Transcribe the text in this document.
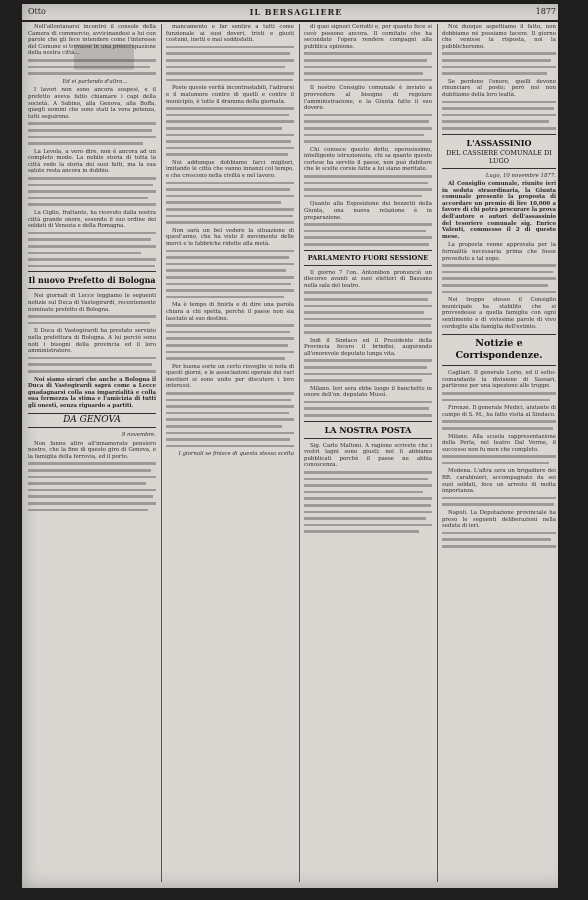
Otto	IL BERSAGLIERE	1877

Nell'allontanarsi incontrò il console della Camera di commercio, avvicinandosi a lui con parole che gli fece intendere come l'interesse del Comune si trovasse in una preoccupazione della nostra città...

Ed ei partendo d'altra...

I lavori non sono ancora sospesi, e il prefetto aveva fatto chiamare i capi della società. A Sabino, alla Genova, alla Boffa, quegli uomini che sono stati la vera potenza, tutti seguirono.

La Levola, a vero dire, non è ancora ad un completo modo. La nobile storia di tutta la città vede la storia dei suoi fatti, ma la sua salute resta ancora in dubbio.

La Ciglio, frattanto, ha ricevuto dalla nostra città grande onore, essendo il suo ordine dei soldati di Venezia e della Romagna.

Il nuovo Prefetto di Bologna

Nei giornali di Lecce leggiamo le seguenti notizie sul Duca di Vastogirardi, recentemente nominato prefetto di Bologna.

Il Duca di Vastogirardi ha prestato servizio nella prefettura di Bologna. A lui perciò sono noti i bisogni della provincia ed il loro amministratore.

Noi siamo sicuri che anche a Bologna il Duca di Vastogirardi saprà come a Lecce guadagnarsi colla sua imparzialità e colla sua fermezza la stima e l'amicizia di tutti gli onesti, senza riguardo a partiti.

DA GENOVA
9 novembre.

Non fanno altro all'innamorato pensiero nostro, che la fine di questo giro di Genova, e la famiglia della ferrovia, ed il porto.

mancamento e far sentire a tutti come funzionale ai suoi doveri, tristi e giusti costumi, inetti e mal soddisfatti.

Poste queste verità incontrastabili, l'adirarsi e il malumore contro di quelli e contro il municipio, è tutto il dramma della giornata.

Noi addunque dobbiamo farci migliori, imitando le città che vanno innanzi col tempo, e che crescono nella civiltà e nel lavoro.

Non sarà un bel vedere la situazione di quest'anno, che ha visto il movimento delle merci e le fabbriche ridotte alla metà.

Ma è tempo di finirla e di dire una parola chiara a chi spetta, perchè il paese non sia lasciato al suo destino.

Per buona sorte un certo risveglio si nota di questi giorni, e le associazioni operaie dei vari mestieri si sono unite per discutere i loro interessi.

I giornali se finisce di questa stessa scelta

di quei signori Ceriotti e, per quanto fece si cecò possono ancora. Il comitato che ha secondato l'opera rendere compagni alla pubblica opinione.

Il nostro Consiglio comunale è inviato a provvedere al bisogno di regolare l'amministrazione, e la Giunta fatto il suo dovere.

Chi conosce questo dotto, operosissimo, intelligente istruzionista, chi sa quanto questo cortese ha servito il paese, non può dubitare che le scelte corsie fatte a lui siano meritate.

Quanto alla Esposizione dei bozzetti della Giunta, una nuova relazione è in preparazione.

PARLAMENTO FUORI SESSIONE

Il giorno 7 l'on. Antonibon pronunciò un discorso avanti ai suoi elettori di Bassano nella sala del teatro.

Indi il Sindaco ed il Presidente della Provincia fecero il brindisi, augurando all'onorevole deputato lunga vita.

Milano. Ieri sera ebbe luogo il banchetto in onore dell'on. deputato Mussi.

LA NOSTRA POSTA

Sig. Carlo Maltoni. A ragione scrivete che i vostri lagni sono giusti; noi li abbiamo pubblicati perchè il paese ne abbia conoscenza.

Noi dunque aspettiamo il fatto, non dobbiamo né possiamo tacere. Il giorno che venisse la risposta, noi la pubblicheremo.

Se perdono l'onore, quelli devono rinunciare al posto; però noi non dubitiamo della loro lealtà.

L'ASSASSINIO
DEL CASSIERE COMUNALE DI LUGO
Lugo, 10 novembre 1877.

Al Consiglio comunale, riunito ieri in seduta straordinaria, la Giunta comunale presentò la proposta di accordare un premio di lire 10,000 a favore di chi potrà procurare la prova dell'autore o autori dell'assassinio del tesoriere comunale sig. Enrico Valenti, commesso il 2 di questo mese.

La proposta venne approvata per la formalità necessaria prima che fosse preveduto a tal uopo.

Nei troppo stesso il Consiglio municipale ha stabilito che si provvedesse a quella famiglia con ogni sentimento e di vivissime parole di vivo cordoglio alla famiglia dell'estinto.

Notizie e Corrispondenze.

Cagliari. Il generale Lorio, ed il sotto-comandante la divisione di Sassari, partirono per una ispezione alle truppe.

Firenze. Il generale Medici, aiutante di campo di S. M., ha fatto visita al Sindaco.

Milano. Alla scuola rappresentazione della Perla, nel teatro Dal Verme, il successo non fu men che completo.

Modena. L'altra sera un brigadiere dei RR. carabinieri, accompagnato da sei suoi soldati, fece un arresto di molta importanza.

Napoli. La Deputazione provinciale ha preso le seguenti deliberazioni nella seduta di ieri.
